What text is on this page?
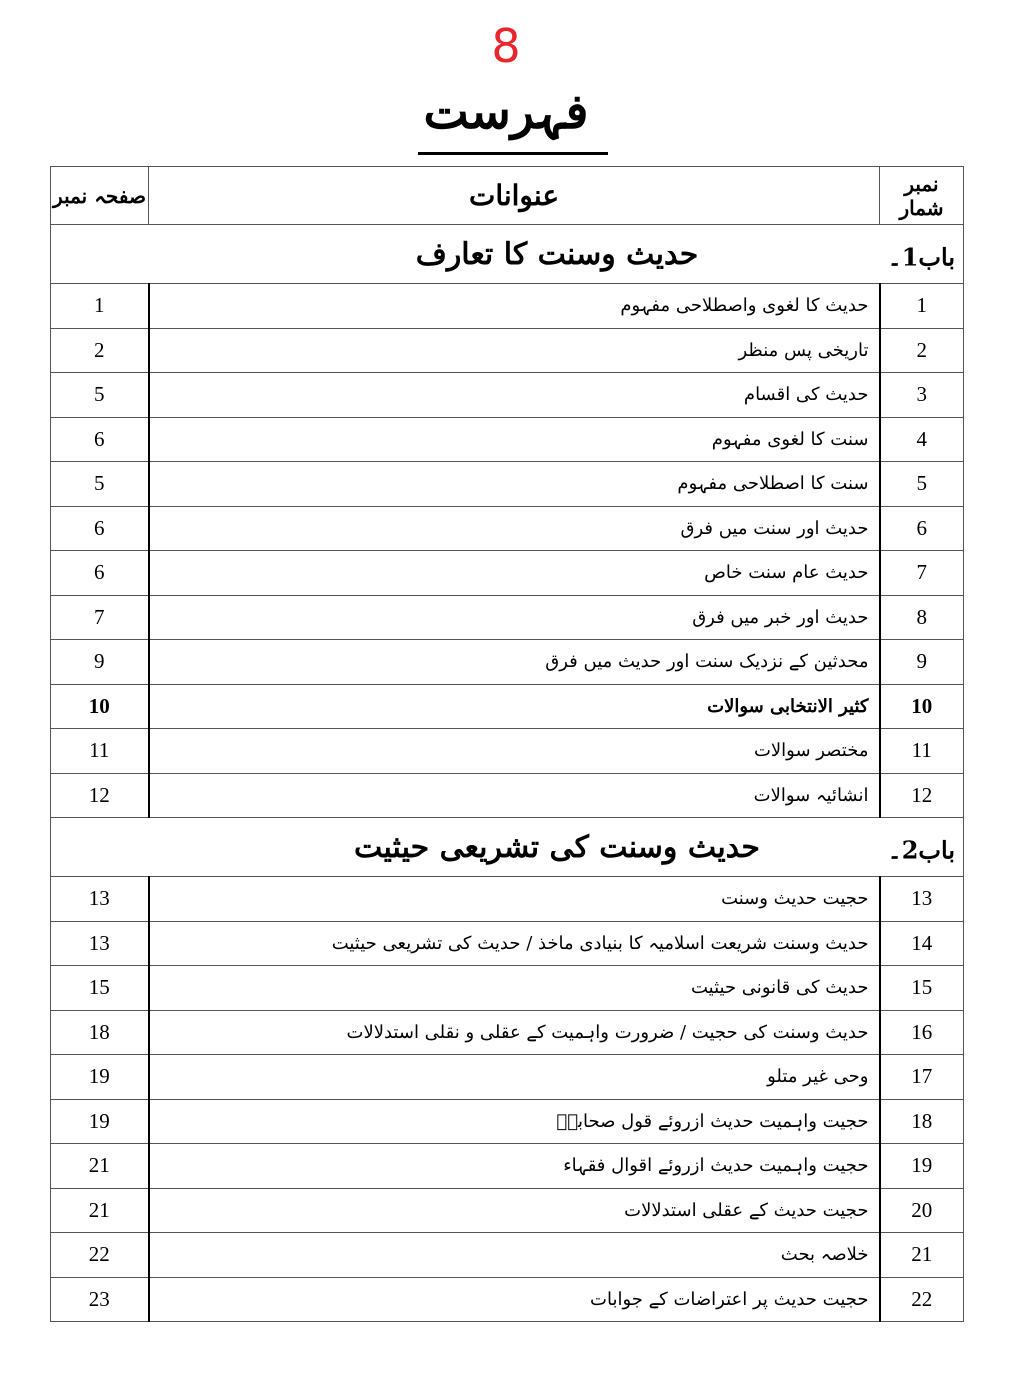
8
فہرست
نمبر شمار	عنوانات	صفحہ نمبر

باب1۔
حدیث وسنت کا تعارف		

1	حدیث کا لغوی واصطلاحی مفہوم	1
2	تاریخی پس منظر	2
3	حدیث کی اقسام	5
4	سنت کا لغوی مفہوم	6
5	سنت کا اصطلاحی مفہوم	5
6	حدیث اور سنت میں فرق	6
7	حدیث عام سنت خاص	6
8	حدیث اور خبر میں فرق	7
9	محدثین کے نزدیک سنت اور حدیث میں فرق	9
10	کثیر الانتخابی سوالات	10
11	مختصر سوالات	11
12	انشائیہ سوالات	12

باب2۔
حدیث وسنت کی تشریعی حیثیت		

13	حجیت حدیث وسنت	13
14	حدیث وسنت شریعت اسلامیہ کا بنیادی ماخذ / حدیث کی تشریعی حیثیت	13
15	حدیث کی قانونی حیثیت	15
16	حدیث وسنت کی حجیت / ضرورت واہمیت کے عقلی و نقلی استدلالات	18
17	وحی غیر متلو	19
18	حجیت واہمیت حدیث ازروئے قول صحابہؓ	19
19	حجیت واہمیت حدیث ازروئے اقوال فقہاء	21
20	حجیت حدیث کے عقلی استدلالات	21
21	خلاصہ بحث	22
22	حجیت حدیث پر اعتراضات کے جوابات	23
